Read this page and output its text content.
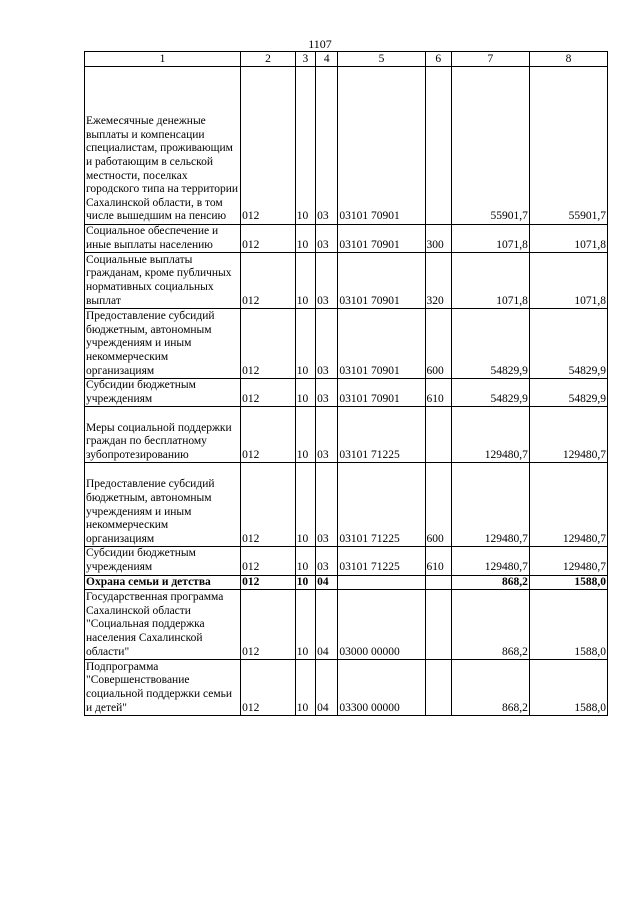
1107
1	2	3	4	5	6	7	8
Ежемесячные денежные выплаты и компенсации специалистам, проживающим и работающим в сельской местности, поселках городского типа на территории Сахалинской области, в том числе вышедшим на пенсию	012	10	03	03101 70901		55901,7	55901,7
Социальное обеспечение и иные выплаты населению	012	10	03	03101 70901	300	1071,8	1071,8
Социальные выплаты гражданам, кроме публичных нормативных социальных выплат	012	10	03	03101 70901	320	1071,8	1071,8
Предоставление субсидий бюджетным, автономным учреждениям и иным некоммерческим организациям	012	10	03	03101 70901	600	54829,9	54829,9
Субсидии бюджетным учреждениям	012	10	03	03101 70901	610	54829,9	54829,9
Меры социальной поддержки граждан по бесплатному зубопротезированию	012	10	03	03101 71225		129480,7	129480,7
Предоставление субсидий бюджетным, автономным учреждениям и иным некоммерческим организациям	012	10	03	03101 71225	600	129480,7	129480,7
Субсидии бюджетным учреждениям	012	10	03	03101 71225	610	129480,7	129480,7
Охрана семьи и детства	012	10	04			868,2	1588,0
Государственная программа Сахалинской области "Социальная поддержка населения Сахалинской области"	012	10	04	03000 00000		868,2	1588,0
Подпрограмма "Совершенствование социальной поддержки семьи и детей"	012	10	04	03300 00000		868,2	1588,0
